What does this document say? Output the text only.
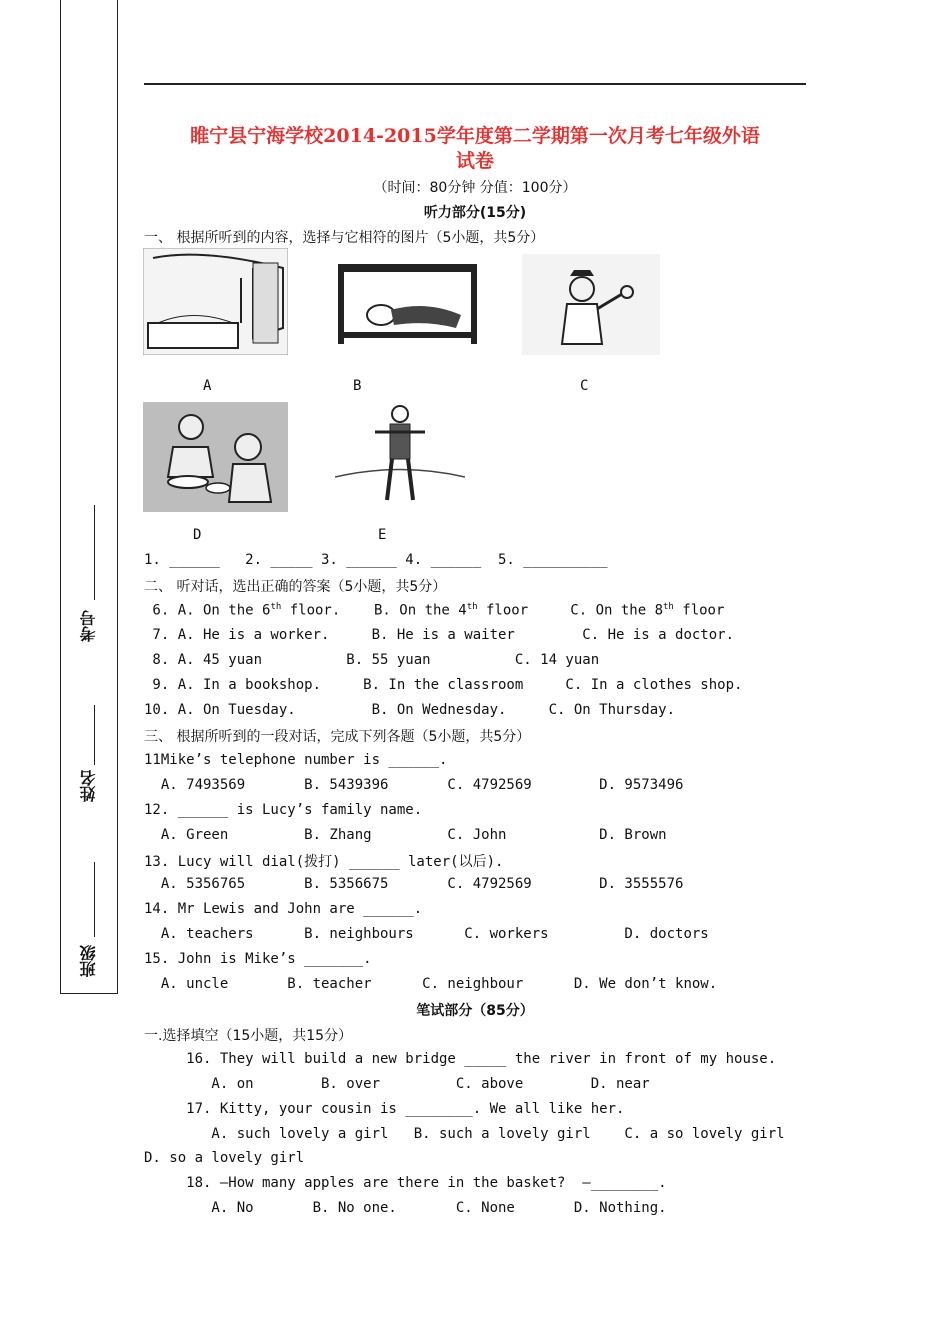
考号
姓名
班级
睢宁县宁海学校2014-2015学年度第二学期第一次月考七年级外语
试卷
（时间：80分钟 分值：100分）
听力部分(15分)
一、 根据所听到的内容，选择与它相符的图片（5小题，共5分）
A	B	C
D	E
1. ______   2. _____ 3. ______ 4. ______  5. __________
二、 听对话，选出正确的答案（5小题，共5分）
6. A. On the 6th floor.    B. On the 4th floor     C. On the 8th floor
7. A. He is a worker.     B. He is a waiter        C. He is a doctor.
8. A. 45 yuan          B. 55 yuan          C. 14 yuan
9. A. In a bookshop.     B. In the classroom     C. In a clothes shop.
10. A. On Tuesday.         B. On Wednesday.     C. On Thursday.
三、 根据所听到的一段对话，完成下列各题（5小题，共5分）
11Mike’s telephone number is ______.
A. 7493569       B. 5439396       C. 4792569        D. 9573496
12. ______ is Lucy’s family name.
A. Green         B. Zhang         C. John           D. Brown
13. Lucy will dial(拨打) ______ later(以后).
A. 5356765       B. 5356675       C. 4792569        D. 3555576
14. Mr Lewis and John are ______.
A. teachers      B. neighbours      C. workers         D. doctors
15. John is Mike’s _______.
A. uncle       B. teacher      C. neighbour      D. We don’t know.
笔试部分（85分）
一.选择填空（15小题，共15分）
16. They will build a new bridge _____ the river in front of my house.
A. on        B. over         C. above        D. near
17. Kitty, your cousin is ________. We all like her.
A. such lovely a girl   B. such a lovely girl    C. a so lovely girl
D. so a lovely girl
18. —How many apples are there in the basket?  —________.
A. No       B. No one.       C. None       D. Nothing.
